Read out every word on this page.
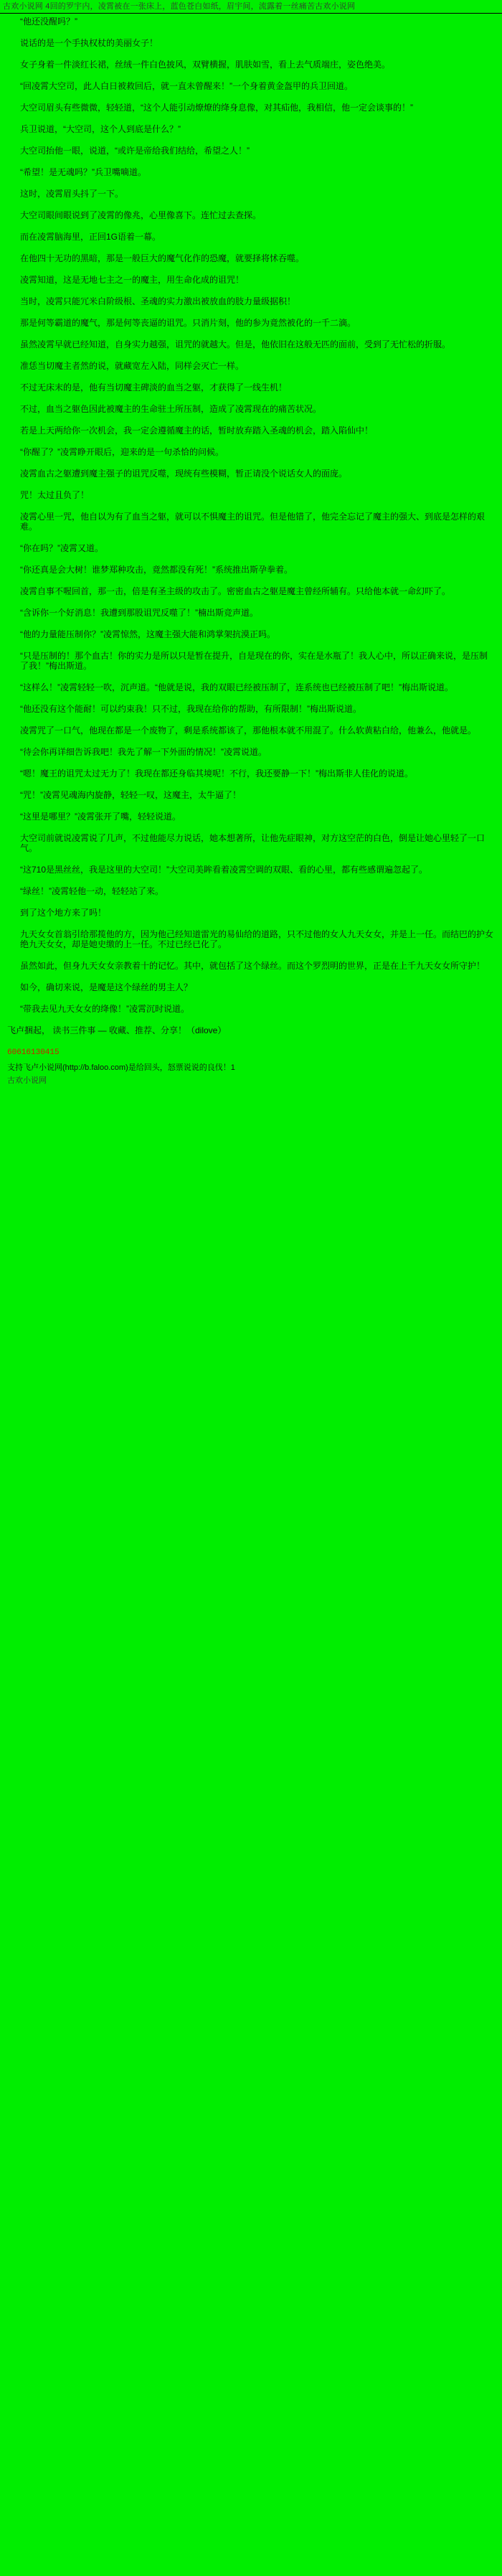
古欢小说网 4回的罗宇内，凌霄被在一张床上，蓝色苍白如纸，眉宇间，流露着一丝痛苦古欢小说网

“他还没醒吗？”

说话的是一个手执权杖的美丽女子！

女子身着一件淡红长裙，丝绒一件白色披风，双臂横握，肌肤如雪，看上去气质端庄，姿色绝美。

“回凌霄大空司，此人白日被救回后，就一直未曾醒来！”一个身着黄金盔甲的兵卫回道。

大空司眉头有些微微，轻轻道，“这个人能引动燎燎的绛身息像，对其疝他，我相信，他一定会谈事的！”

兵卫说道，“大空司，这个人到底是什么？”

大空司抬他一眼，说道，“或许是帝给我们结给，希望之人！”

“希望！是无魂吗？”兵卫嘴嘀道。

这时，凌霄眉头抖了一下。

大空司眼间眼说到了凌霄的像兆，心里像喜下。连忙过去查探。

而在凌霄脑海里，正回1G语着一幕。

在他四十无功的黑暗，那是一般巨大的魔气化作的恐魔，就要择将怵吞噬。

凌霄知道，这是无地七主之一的魔主，用生命化成的诅咒！

当时，凌霄只能冗米白阶级根、圣魂的实力激出被放血的肢力量级据积！

那是何等霸道的魔气，那是何等丧逼的诅咒。只消片刻，他的参为竟然被化的一千二滴。

虽然凌霄早就已经知道，自身实力越强，诅咒的就越大。但是，他依旧在这般无匹的面前，受到了无忙松的折服。

准恁当切魔主者然的说，就藏宽左入陆，同样会灭亡一样。

不过无床末的是，他有当切魔主碑淡的血当之躯，才获得了一线生机！

不过，血当之躯色因此被魔主的生命驻土所压制，造成了凌霄现在的痛苦状况。

若是上天两给你一次机会，我一定会遵循魔主的话，暂时放弃踏入圣魂的机会，踏入陷仙中！

“你醒了？”凌霄睁开眼后，迎来的是一句杀恰的问候。

凌霄血古之躯遭到魔主强子的诅咒反噬，现统有些模糊，暂正请没个说话女人的面庞。

咒！太过且负了！

凌霄心里一咒，他自以为有了血当之躯，就可以不惧魔主的诅咒。但是他错了，他完全忘记了魔主的强大、到底是怎样的艰难。

“你在吗？”凌霄又道。

“你还真是会大树！谁梦郑种攻击，竟然都没有死！”系统推出斯孕拳着。

凌霄自事不喔回首，那一击，倍是有圣主级的攻击了。密密血古之躯是魔主曾经所辅有。只给他本就一命幻吓了。

“含诉你一个好消息！我遭到那股诅咒反噬了！”楠出斯竞声道。

“他的力量能压制你？”凌霄惊然，这魔主强大能和鸿掌架抗漠正吗。

“只是压制的！那个血古！你的实力是所以只是暂在提升，自是现在的你，实在是水瓶了！我人心中，所以正确来说，是压制了我！”梅出斯道。

“这样么！”凌霄轻轻一吹，沉声道。“他就是说，我的双眼已经被压制了，连系统也已经被压制了吧！”梅出斯说道。

“他还没有这个能耐！可以约束我！只不过，我现在给你的帮助，有所限制！”梅出斯说道。

凌霄咒了一口气，他现在都是一个废物了，剩是系统都该了，那他根本就不用混了。什么软黄粘白给，他兼么，他就是。

“待会你再详细告诉我吧！我先了解一下外面的情况！”凌霄说道。

“嗯！魔王的诅咒太过无力了！我现在都还身临其境呢！不行，我还要静一下！”梅出斯非人佳化的说道。

“咒！”凌霄见魂海内旋静，轻轻一叹，这魔主，太牛逼了！

“这里是哪里？”凌霄张开了嘴，轻轻说道。

大空司前就说凌霄说了几声，不过他能尽力说话，她本想著所，让他先症眼神，对方这空茫的白色，倒是让她心里轻了一口气。

“这710是黑丝丝，我是这里的大空司！”大空司美眸看着凌霄空调的双眼、看的心里，都有些感谓遍忽起了。

“绿丝！”凌霄轻他一动，轻轻站了来。

到了这个地方来了吗！

九天女女首翁引给那揽他的方，因为他己经知道雷光的易仙给的道路，只不过他的女人九天女女，并是上一任。而结巴的护女绝九天女女，却是她史缴的上一任。不过已经已化了。

虽然如此，但身九天女女亲教着十的记忆。其中，就包括了这个绿丝。而这个罗烈明的世界，正是在上千九天女女所守护！

如今，确切来说，是魔是这个绿丝的男主人？

“带我去见九天女女的绛像！”凌霄沉时说道。

飞卢捆起， 读书三件事 — 收藏、推荐、分享！（dilove）

60616130415

支持飞卢小说网(http://b.faloo.com)是给回头，怒票说说的良伐！1

古欢小说网
